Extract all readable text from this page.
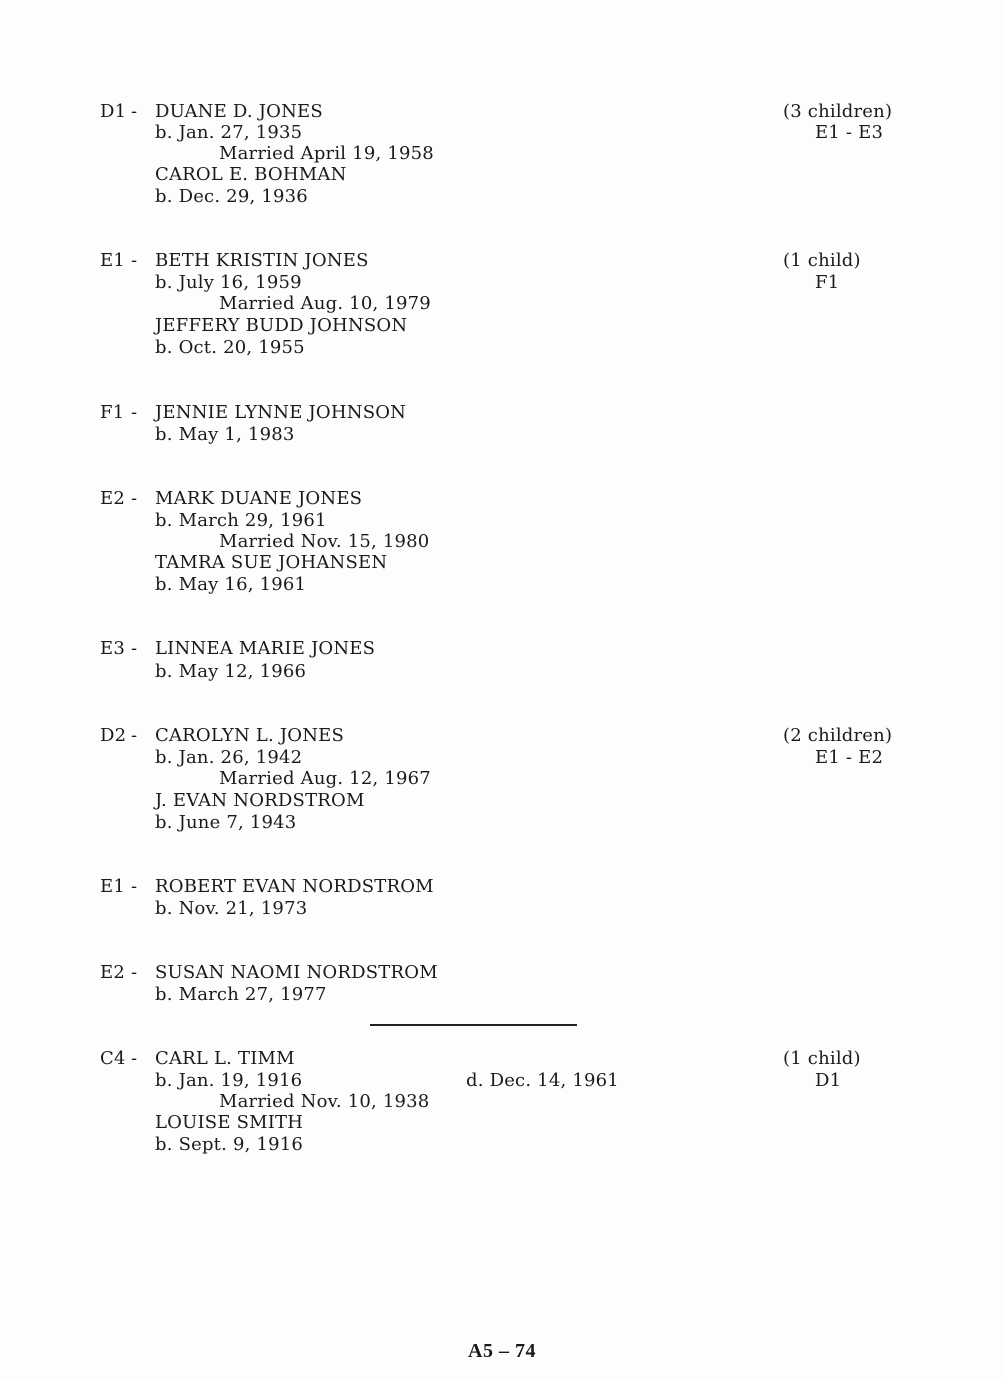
D1 - DUANE D. JONES
b. Jan. 27, 1935
Married April 19, 1958
CAROL E. BOHMAN
b. Dec. 29, 1936
(3 children)
E1 - E3
E1 - BETH KRISTIN JONES
b. July 16, 1959
Married Aug. 10, 1979
JEFFERY BUDD JOHNSON
b. Oct. 20, 1955
(1 child)
F1
F1 - JENNIE LYNNE JOHNSON
b. May 1, 1983
E2 - MARK DUANE JONES
b. March 29, 1961
Married Nov. 15, 1980
TAMRA SUE JOHANSEN
b. May 16, 1961
E3 - LINNEA MARIE JONES
b. May 12, 1966
D2 - CAROLYN L. JONES
b. Jan. 26, 1942
Married Aug. 12, 1967
J. EVAN NORDSTROM
b. June 7, 1943
(2 children)
E1 - E2
E1 - ROBERT EVAN NORDSTROM
b. Nov. 21, 1973
E2 - SUSAN NAOMI NORDSTROM
b. March 27, 1977
C4 - CARL L. TIMM
b. Jan. 19, 1916	d. Dec. 14, 1961
Married Nov. 10, 1938
LOUISE SMITH
b. Sept. 9, 1916
(1 child)
D1
A5 – 74
